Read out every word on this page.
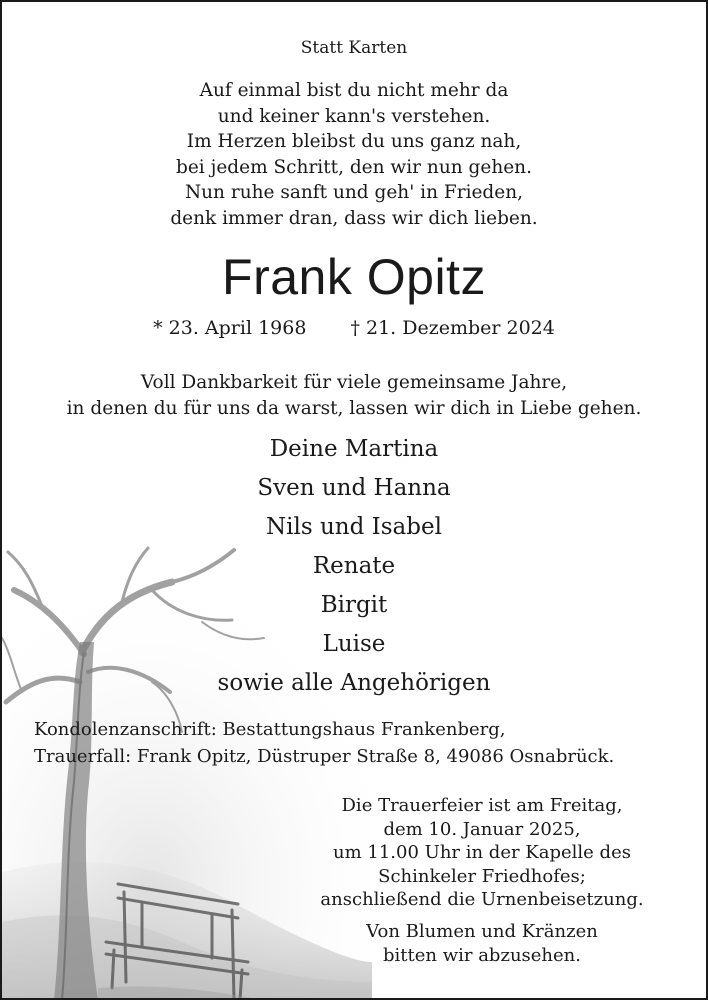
Statt Karten
Auf einmal bist du nicht mehr da
und keiner kann's verstehen.
Im Herzen bleibst du uns ganz nah,
bei jedem Schritt, den wir nun gehen.
Nun ruhe sanft und geh' in Frieden,
denk immer dran, dass wir dich lieben.
Frank Opitz
* 23. April 1968 † 21. Dezember 2024
Voll Dankbarkeit für viele gemeinsame Jahre,
in denen du für uns da warst, lassen wir dich in Liebe gehen.
Deine Martina
Sven und Hanna
Nils und Isabel
Renate
Birgit
Luise
sowie alle Angehörigen
Kondolenzanschrift: Bestattungshaus Frankenberg,
Trauerfall: Frank Opitz, Düstruper Straße 8, 49086 Osnabrück.
Die Trauerfeier ist am Freitag,
dem 10. Januar 2025,
um 11.00 Uhr in der Kapelle des
Schinkeler Friedhofes;
anschließend die Urnenbeisetzung.
Von Blumen und Kränzen
bitten wir abzusehen.
